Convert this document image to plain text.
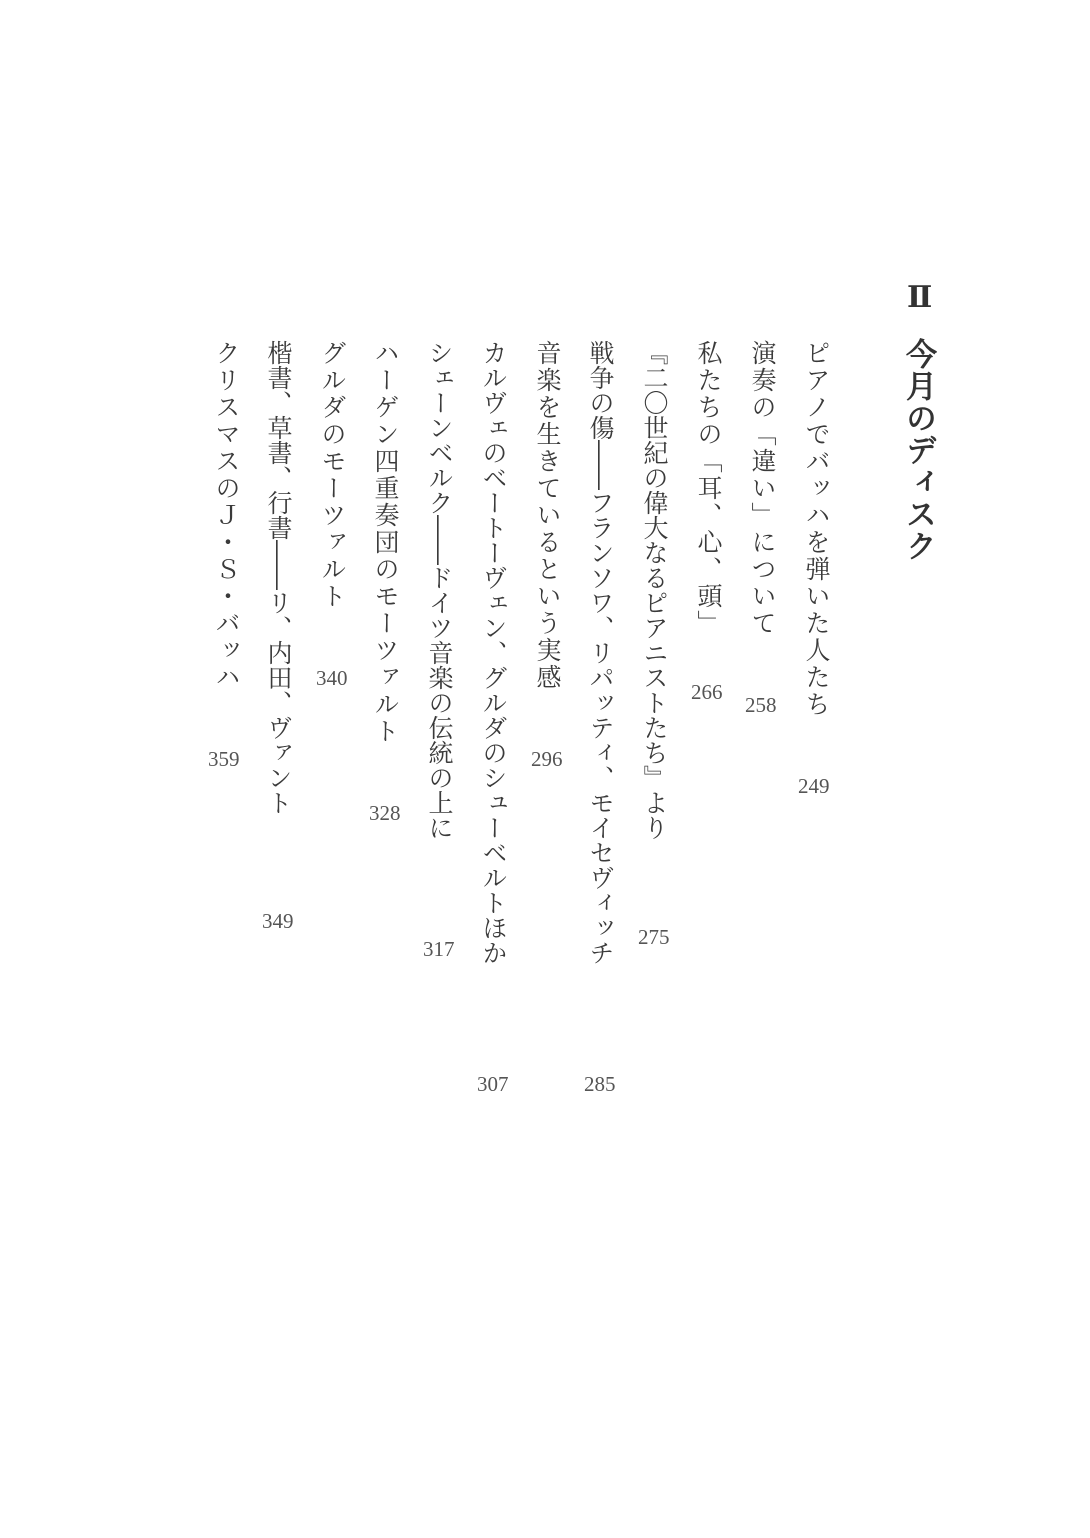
Ⅱ
今月のディスク
ピアノでバッハを弾いた人たち
249
演奏の「違い」について
258
私たちの「耳、心、頭」
266
『二〇世紀の偉大なるピアニストたち』より
275
戦争の傷――フランソワ、リパッティ、モイセヴィッチ
285
音楽を生きているという実感
296
カルヴェのベートーヴェン、グルダのシューベルトほか
307
シェーンベルク――ドイツ音楽の伝統の上に
317
ハーゲン四重奏団のモーツァルト
328
グルダのモーツァルト
340
楷書、草書、行書――リ、内田、ヴァント
349
クリスマスのＪ・Ｓ・バッハ
359
